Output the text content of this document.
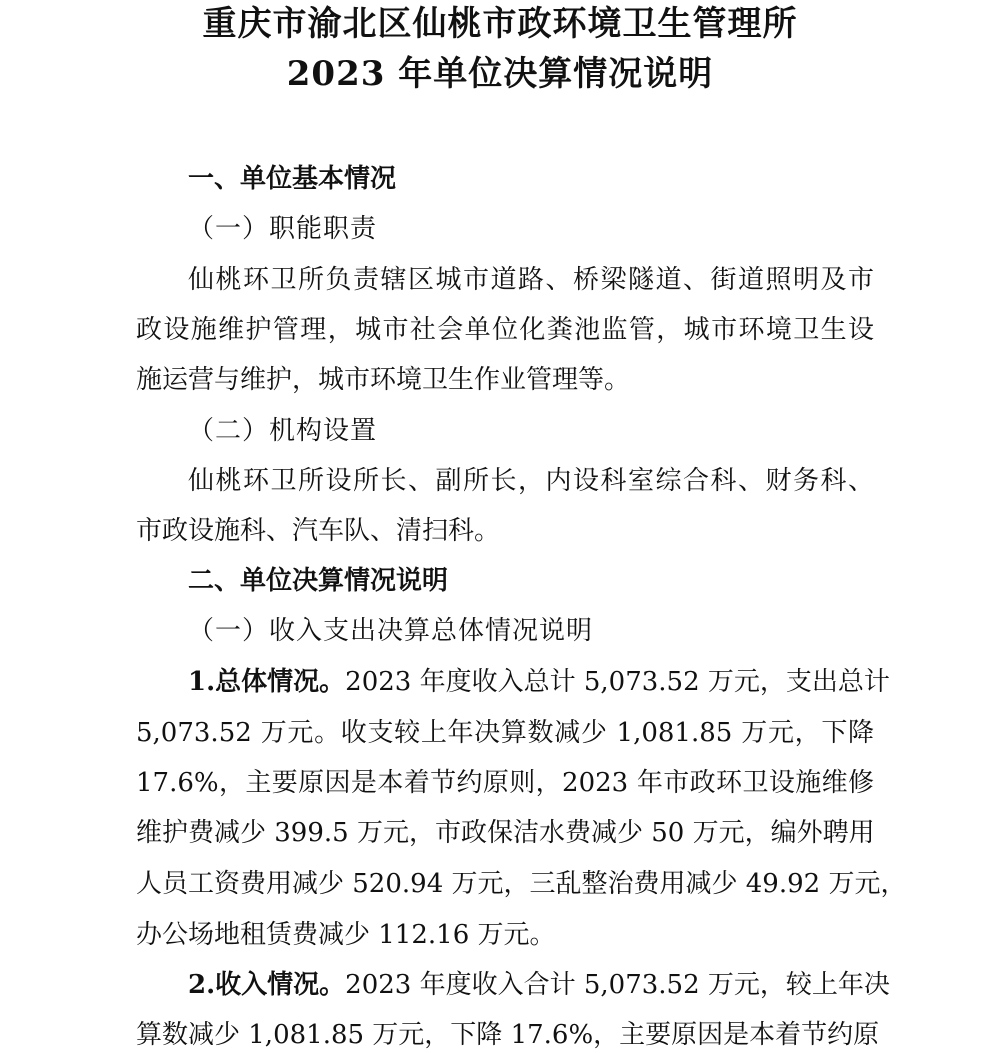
重庆市渝北区仙桃市政环境卫生管理所
2023 年单位决算情况说明
一、单位基本情况
（一）职能职责
仙桃环卫所负责辖区城市道路、桥梁隧道、街道照明及市
政设施维护管理，城市社会单位化粪池监管，城市环境卫生设
施运营与维护，城市环境卫生作业管理等。
（二）机构设置
仙桃环卫所设所长、副所长，内设科室综合科、财务科、
市政设施科、汽车队、清扫科。
二、单位决算情况说明
（一）收入支出决算总体情况说明
1.总体情况。2023 年度收入总计 5,073.52 万元，支出总计
5,073.52 万元。收支较上年决算数减少 1,081.85 万元，下降
17.6%，主要原因是本着节约原则，2023 年市政环卫设施维修
维护费减少 399.5 万元，市政保洁水费减少 50 万元，编外聘用
人员工资费用减少 520.94 万元，三乱整治费用减少 49.92 万元，
办公场地租赁费减少 112.16 万元。
2.收入情况。2023 年度收入合计 5,073.52 万元，较上年决
算数减少 1,081.85 万元，下降 17.6%，主要原因是本着节约原
